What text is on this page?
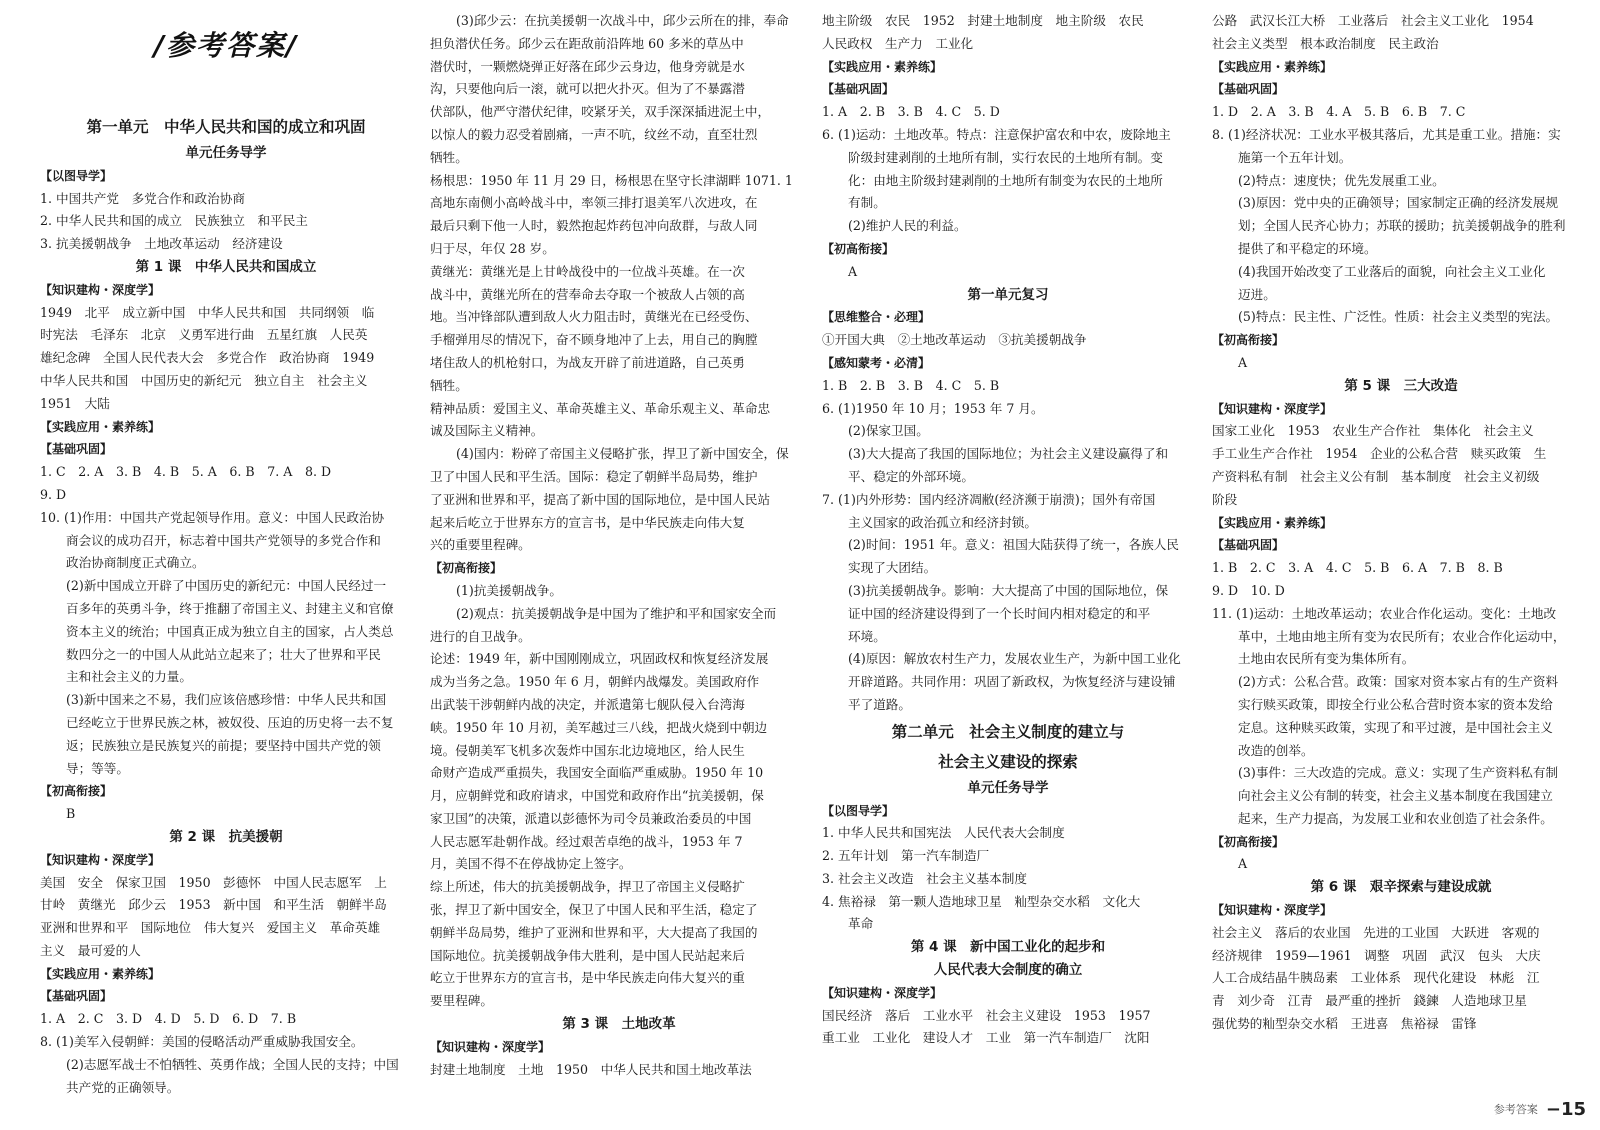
/参考答案/
第一单元　中华人民共和国的成立和巩固
单元任务导学
【以图导学】
1. 中国共产党　多党合作和政治协商
2. 中华人民共和国的成立　民族独立　和平民主
3. 抗美援朝战争　土地改革运动　经济建设
第 1 课　中华人民共和国成立
【知识建构・深度学】
1949　北平　成立新中国　中华人民共和国　共同纲领　临
时宪法　毛泽东　北京　义勇军进行曲　五星红旗　人民英
雄纪念碑　全国人民代表大会　多党合作　政治协商　1949
中华人民共和国　中国历史的新纪元　独立自主　社会主义
1951　大陆
【实践应用・素养练】
【基础巩固】
1. C　2. A　3. B　4. B　5. A　6. B　7. A　8. D
9. D
10. (1)作用：中国共产党起领导作用。意义：中国人民政治协
商会议的成功召开，标志着中国共产党领导的多党合作和
政治协商制度正式确立。
(2)新中国成立开辟了中国历史的新纪元：中国人民经过一
百多年的英勇斗争，终于推翻了帝国主义、封建主义和官僚
资本主义的统治；中国真正成为独立自主的国家，占人类总
数四分之一的中国人从此站立起来了；壮大了世界和平民
主和社会主义的力量。
(3)新中国来之不易，我们应该倍感珍惜：中华人民共和国
已经屹立于世界民族之林，被奴役、压迫的历史将一去不复
返；民族独立是民族复兴的前提；要坚持中国共产党的领
导；等等。
【初高衔接】
B
第 2 课　抗美援朝
【知识建构・深度学】
美国　安全　保家卫国　1950　彭德怀　中国人民志愿军　上
甘岭　黄继光　邱少云　1953　新中国　和平生活　朝鲜半岛
亚洲和世界和平　国际地位　伟大复兴　爱国主义　革命英雄
主义　最可爱的人
【实践应用・素养练】
【基础巩固】
1. A　2. C　3. D　4. D　5. D　6. D　7. B
8. (1)美军入侵朝鲜：美国的侵略活动严重威胁我国安全。
(2)志愿军战士不怕牺牲、英勇作战；全国人民的支持；中国
共产党的正确领导。
(3)邱少云：在抗美援朝一次战斗中，邱少云所在的排，奉命
担负潜伏任务。邱少云在距敌前沿阵地 60 多米的草丛中
潜伏时，一颗燃烧弹正好落在邱少云身边，他身旁就是水
沟，只要他向后一滚，就可以把火扑灭。但为了不暴露潜
伏部队，他严守潜伏纪律，咬紧牙关，双手深深插进泥土中，
以惊人的毅力忍受着剧痛，一声不吭，纹丝不动，直至壮烈
牺牲。
杨根思：1950 年 11 月 29 日，杨根思在坚守长津湖畔 1071. 1
高地东南侧小高岭战斗中，率领三排打退美军八次进攻，在
最后只剩下他一人时，毅然抱起炸药包冲向敌群，与敌人同
归于尽，年仅 28 岁。
黄继光：黄继光是上甘岭战役中的一位战斗英雄。在一次
战斗中，黄继光所在的营奉命去夺取一个被敌人占领的高
地。当冲锋部队遭到敌人火力阻击时，黄继光在已经受伤、
手榴弹用尽的情况下，奋不顾身地冲了上去，用自己的胸膛
堵住敌人的机枪射口，为战友开辟了前进道路，自己英勇
牺牲。
精神品质：爱国主义、革命英雄主义、革命乐观主义、革命忠
诚及国际主义精神。
(4)国内：粉碎了帝国主义侵略扩张，捍卫了新中国安全，保
卫了中国人民和平生活。国际：稳定了朝鲜半岛局势，维护
了亚洲和世界和平，提高了新中国的国际地位，是中国人民站
起来后屹立于世界东方的宣言书，是中华民族走向伟大复
兴的重要里程碑。
【初高衔接】
(1)抗美援朝战争。
(2)观点：抗美援朝战争是中国为了维护和平和国家安全而
进行的自卫战争。
论述：1949 年，新中国刚刚成立，巩固政权和恢复经济发展
成为当务之急。1950 年 6 月，朝鲜内战爆发。美国政府作
出武装干涉朝鲜内战的决定，并派遣第七舰队侵入台湾海
峡。1950 年 10 月初，美军越过三八线，把战火烧到中朝边
境。侵朝美军飞机多次轰炸中国东北边境地区，给人民生
命财产造成严重损失，我国安全面临严重威胁。1950 年 10
月，应朝鲜党和政府请求，中国党和政府作出“抗美援朝，保
家卫国”的决策，派遣以彭德怀为司令员兼政治委员的中国
人民志愿军赴朝作战。经过艰苦卓绝的战斗，1953 年 7
月，美国不得不在停战协定上签字。
综上所述，伟大的抗美援朝战争，捍卫了帝国主义侵略扩
张，捍卫了新中国安全，保卫了中国人民和平生活，稳定了
朝鲜半岛局势，维护了亚洲和世界和平，大大提高了我国的
国际地位。抗美援朝战争伟大胜利，是中国人民站起来后
屹立于世界东方的宣言书，是中华民族走向伟大复兴的重
要里程碑。
第 3 课　土地改革
【知识建构・深度学】
封建土地制度　土地　1950　中华人民共和国土地改革法
地主阶级　农民　1952　封建土地制度　地主阶级　农民
人民政权　生产力　工业化
【实践应用・素养练】
【基础巩固】
1. A　2. B　3. B　4. C　5. D
6. (1)运动：土地改革。特点：注意保护富农和中农，废除地主
阶级封建剥削的土地所有制，实行农民的土地所有制。变
化：由地主阶级封建剥削的土地所有制变为农民的土地所
有制。
(2)维护人民的利益。
【初高衔接】
A
第一单元复习
【思维整合・必理】
①开国大典　②土地改革运动　③抗美援朝战争
【感知蒙考・必清】
1. B　2. B　3. B　4. C　5. B
6. (1)1950 年 10 月；1953 年 7 月。
(2)保家卫国。
(3)大大提高了我国的国际地位；为社会主义建设赢得了和
平、稳定的外部环境。
7. (1)内外形势：国内经济凋敝(经济濒于崩溃)；国外有帝国
主义国家的政治孤立和经济封锁。
(2)时间：1951 年。意义：祖国大陆获得了统一，各族人民
实现了大团结。
(3)抗美援朝战争。影响：大大提高了中国的国际地位，保
证中国的经济建设得到了一个长时间内相对稳定的和平
环境。
(4)原因：解放农村生产力，发展农业生产，为新中国工业化
开辟道路。共同作用：巩固了新政权，为恢复经济与建设铺
平了道路。
第二单元　社会主义制度的建立与
社会主义建设的探索
单元任务导学
【以图导学】
1. 中华人民共和国宪法　人民代表大会制度
2. 五年计划　第一汽车制造厂
3. 社会主义改造　社会主义基本制度
4. 焦裕禄　第一颗人造地球卫星　籼型杂交水稻　文化大
革命
第 4 课　新中国工业化的起步和
人民代表大会制度的确立
【知识建构・深度学】
国民经济　落后　工业水平　社会主义建设　1953　1957
重工业　工业化　建设人才　工业　第一汽车制造厂　沈阳
公路　武汉长江大桥　工业落后　社会主义工业化　1954
社会主义类型　根本政治制度　民主政治
【实践应用・素养练】
【基础巩固】
1. D　2. A　3. B　4. A　5. B　6. B　7. C
8. (1)经济状况：工业水平极其落后，尤其是重工业。措施：实
施第一个五年计划。
(2)特点：速度快；优先发展重工业。
(3)原因：党中央的正确领导；国家制定正确的经济发展规
划；全国人民齐心协力；苏联的援助；抗美援朝战争的胜利
提供了和平稳定的环境。
(4)我国开始改变了工业落后的面貌，向社会主义工业化
迈进。
(5)特点：民主性、广泛性。性质：社会主义类型的宪法。
【初高衔接】
A
第 5 课　三大改造
【知识建构・深度学】
国家工业化　1953　农业生产合作社　集体化　社会主义
手工业生产合作社　1954　企业的公私合营　赎买政策　生
产资料私有制　社会主义公有制　基本制度　社会主义初级
阶段
【实践应用・素养练】
【基础巩固】
1. B　2. C　3. A　4. C　5. B　6. A　7. B　8. B
9. D　10. D
11. (1)运动：土地改革运动；农业合作化运动。变化：土地改
革中，土地由地主所有变为农民所有；农业合作化运动中，
土地由农民所有变为集体所有。
(2)方式：公私合营。政策：国家对资本家占有的生产资料
实行赎买政策，即按全行业公私合营时资本家的资本发给
定息。这种赎买政策，实现了和平过渡，是中国社会主义
改造的创举。
(3)事件：三大改造的完成。意义：实现了生产资料私有制
向社会主义公有制的转变，社会主义基本制度在我国建立
起来，生产力提高，为发展工业和农业创造了社会条件。
【初高衔接】
A
第 6 课　艰辛探索与建设成就
【知识建构・深度学】
社会主义　落后的农业国　先进的工业国　大跃进　客观的
经济规律　1959—1961　调整　巩固　武汉　包头　大庆
人工合成结晶牛胰岛素　工业体系　现代化建设　林彪　江
青　刘少奇　江青　最严重的挫折　錢鍊　人造地球卫星
强优势的籼型杂交水稻　王进喜　焦裕禄　雷锋
参考答案 −15
